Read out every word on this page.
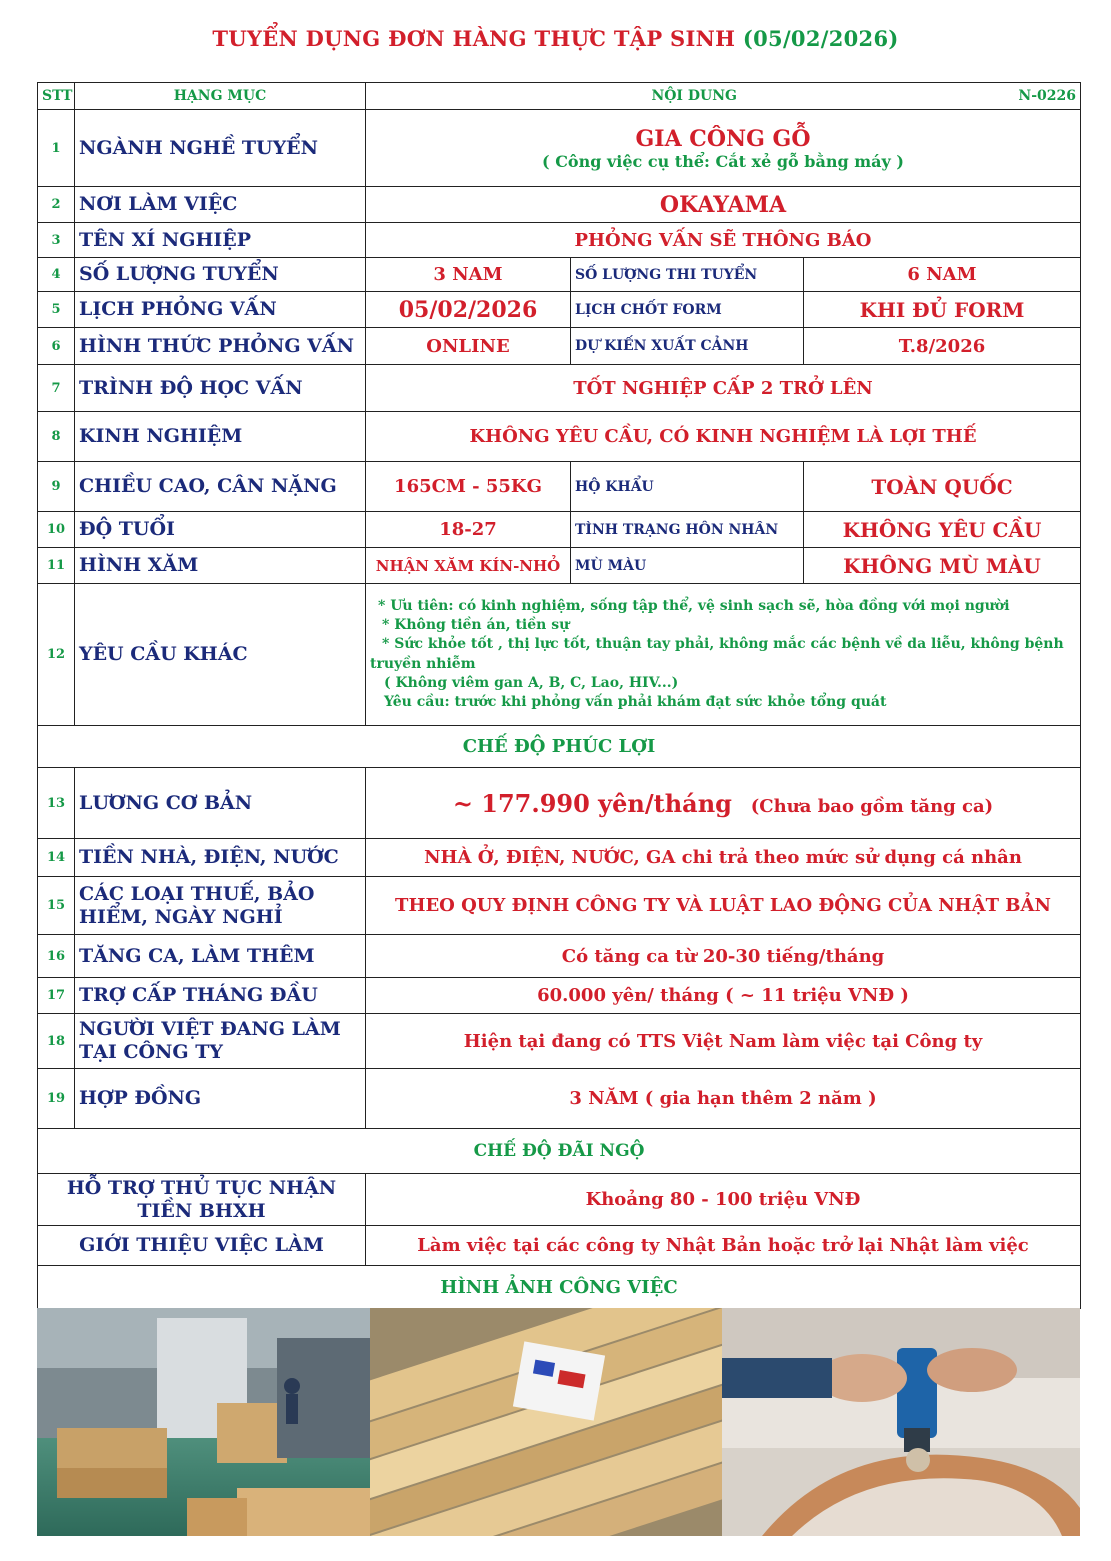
TUYỂN DỤNG ĐƠN HÀNG THỰC TẬP SINH (05/02/2026)
STT	HẠNG MỤC	NỘI DUNG N-0226		

1	NGÀNH NGHỀ TUYỂN	GIA CÔNG GỖ
( Công việc cụ thể: Cắt xẻ gỗ bằng máy )		

2	NƠI LÀM VIỆC	OKAYAMA		
3	TÊN XÍ NGHIỆP	PHỎNG VẤN SẼ THÔNG BÁO		
4	SỐ LƯỢNG TUYỂN	3 NAM	SỐ LƯỢNG THI TUYỂN	6 NAM
5	LỊCH PHỎNG VẤN	05/02/2026	LỊCH CHỐT FORM	KHI ĐỦ FORM
6	HÌNH THỨC PHỎNG VẤN	ONLINE	DỰ KIẾN XUẤT CẢNH	T.8/2026
7	TRÌNH ĐỘ HỌC VẤN	TỐT NGHIỆP CẤP 2 TRỞ LÊN		
8	KINH NGHIỆM	KHÔNG YÊU CẦU, CÓ KINH NGHIỆM LÀ LỢI THẾ		
9	CHIỀU CAO, CÂN NẶNG	165CM - 55KG	HỘ KHẨU	TOÀN QUỐC
10	ĐỘ TUỔI	18-27	TÌNH TRẠNG HÔN NHÂN	KHÔNG YÊU CẦU
11	HÌNH XĂM	NHẬN XĂM KÍN-NHỎ	MÙ MÀU	KHÔNG MÙ MÀU
12	YÊU CẦU KHÁC	* Ưu tiên: có kinh nghiệm, sống tập thể, vệ sinh sạch sẽ, hòa đồng với mọi người
* Không tiền án, tiền sự
* Sức khỏe tốt , thị lực tốt, thuận tay phải, không mắc các bệnh về da liễu, không bệnh truyền nhiễm
( Không viêm gan A, B, C, Lao, HIV...)
Yêu cầu: trước khi phỏng vấn phải khám đạt sức khỏe tổng quát		

CHẾ ĐỘ PHÚC LỢI				
13	LƯƠNG CƠ BẢN	~ 177.990 yên/tháng (Chưa bao gồm tăng ca)		
14	TIỀN NHÀ, ĐIỆN, NƯỚC	NHÀ Ở, ĐIỆN, NƯỚC, GA chi trả theo mức sử dụng cá nhân		
15	CÁC LOẠI THUẾ, BẢO HIỂM, NGÀY NGHỈ	THEO QUY ĐỊNH CÔNG TY VÀ LUẬT LAO ĐỘNG CỦA NHẬT BẢN		
16	TĂNG CA, LÀM THÊM	Có tăng ca từ 20-30 tiếng/tháng		
17	TRỢ CẤP THÁNG ĐẦU	60.000 yên/ tháng ( ~ 11 triệu VNĐ )		
18	NGƯỜI VIỆT ĐANG LÀM TẠI CÔNG TY	Hiện tại đang có TTS Việt Nam làm việc tại Công ty		
19	HỢP ĐỒNG	3 NĂM ( gia hạn thêm 2 năm )		
CHẾ ĐỘ ĐÃI NGỘ				
HỖ TRỢ THỦ TỤC NHẬN TIỀN BHXH		Khoảng 80 - 100 triệu VNĐ		
GIỚI THIỆU VIỆC LÀM		Làm việc tại các công ty Nhật Bản hoặc trở lại Nhật làm việc		
HÌNH ẢNH CÔNG VIỆC				
